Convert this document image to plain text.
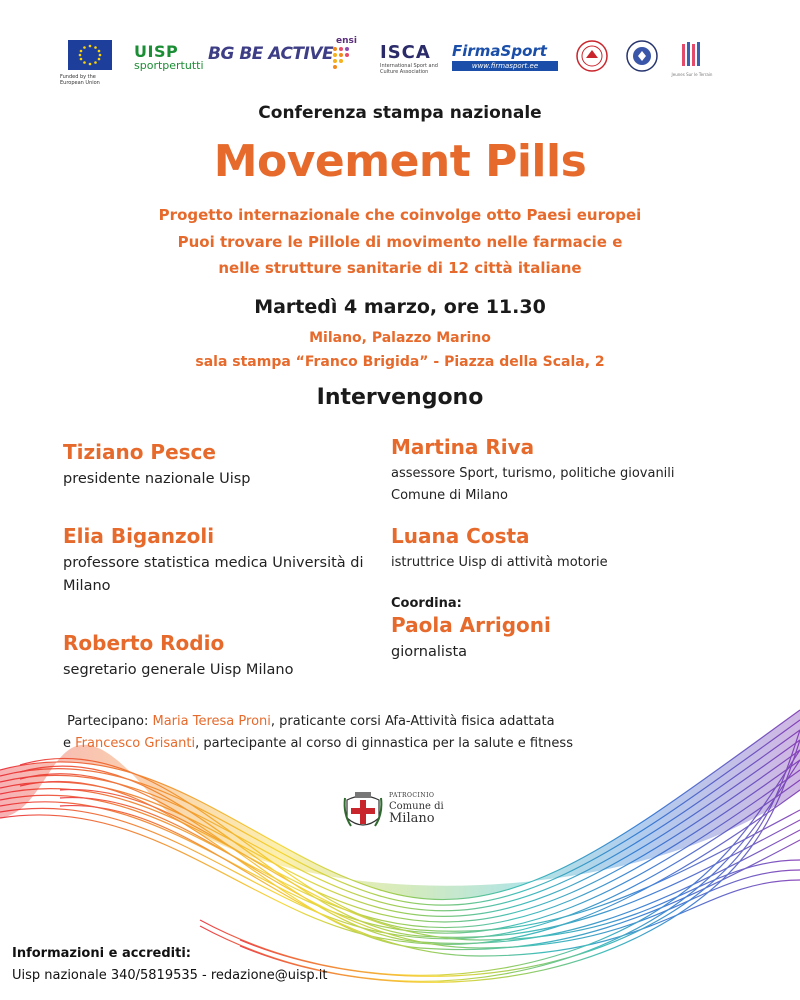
Funded by the European Union
UISP
sportpertutti
BG BE ACTIVE
ensi
ISCA
International Sport and Culture Association
FirmaSport
www.firmasport.ee
Jeunes Sur le Terrain
Conferenza stampa nazionale
Movement Pills
Progetto internazionale che coinvolge otto Paesi europei
Puoi trovare le Pillole di movimento nelle farmacie e
nelle strutture sanitarie di 12 città italiane
Martedì 4 marzo, ore 11.30
Milano, Palazzo Marino
sala stampa “Franco Brigida” - Piazza della Scala, 2
Intervengono
Tiziano Pesce
presidente nazionale Uisp
Elia Biganzoli
professore statistica medica Università di
Milano
Roberto Rodio
segretario generale Uisp Milano
Martina Riva
assessore Sport, turismo, politiche giovanili
Comune di Milano
Luana Costa
istruttrice Uisp di attività motorie
Coordina:
Paola Arrigoni
giornalista
Partecipano: Maria Teresa Proni, praticante corsi Afa-Attività fisica adattata
e Francesco Grisanti, partecipante al corso di ginnastica per la salute e fitness
PATROCINIO
Comune di
Milano
Informazioni e accrediti:
Uisp nazionale 340/5819535 - redazione@uisp.it
